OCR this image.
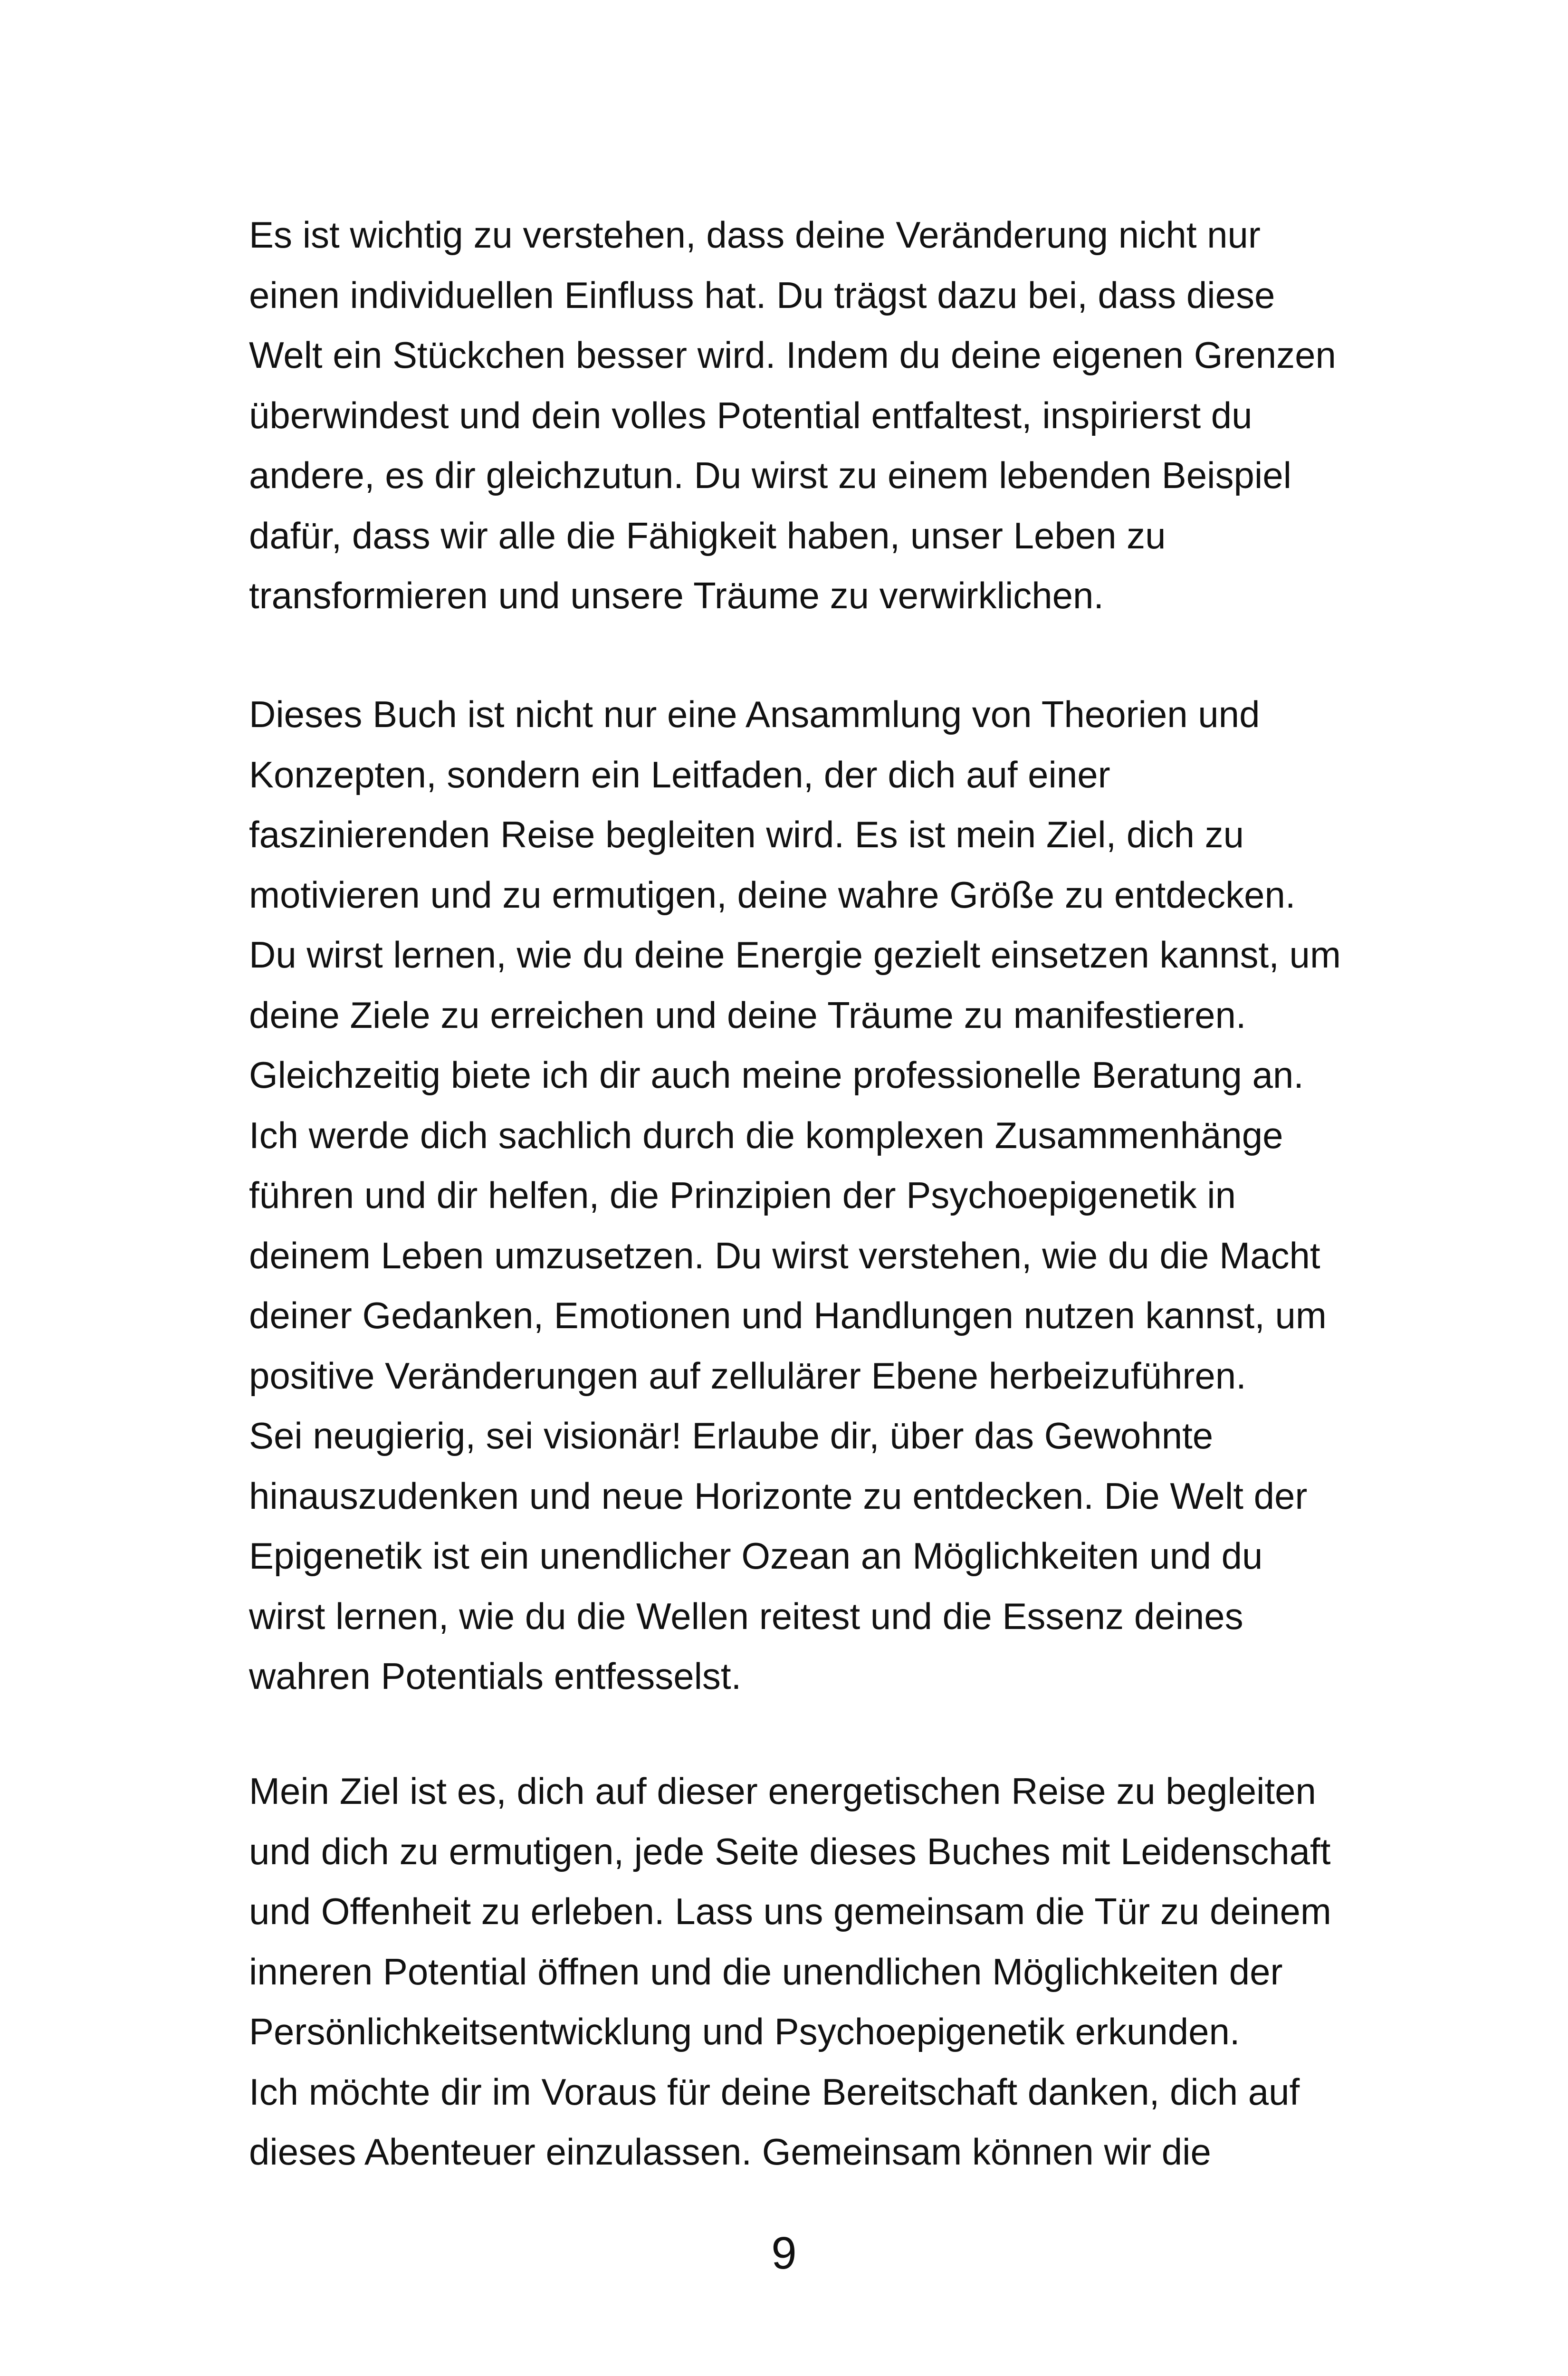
Es ist wichtig zu verstehen, dass deine Veränderung nicht nur
einen individuellen Einfluss hat. Du trägst dazu bei, dass diese
Welt ein Stückchen besser wird. Indem du deine eigenen Grenzen
überwindest und dein volles Potential entfaltest, inspirierst du
andere, es dir gleichzutun. Du wirst zu einem lebenden Beispiel
dafür, dass wir alle die Fähigkeit haben, unser Leben zu
transformieren und unsere Träume zu verwirklichen.
Dieses Buch ist nicht nur eine Ansammlung von Theorien und
Konzepten, sondern ein Leitfaden, der dich auf einer
faszinierenden Reise begleiten wird. Es ist mein Ziel, dich zu
motivieren und zu ermutigen, deine wahre Größe zu entdecken.
Du wirst lernen, wie du deine Energie gezielt einsetzen kannst, um
deine Ziele zu erreichen und deine Träume zu manifestieren.
Gleichzeitig biete ich dir auch meine professionelle Beratung an.
Ich werde dich sachlich durch die komplexen Zusammenhänge
führen und dir helfen, die Prinzipien der Psychoepigenetik in
deinem Leben umzusetzen. Du wirst verstehen, wie du die Macht
deiner Gedanken, Emotionen und Handlungen nutzen kannst, um
positive Veränderungen auf zellulärer Ebene herbeizuführen.
Sei neugierig, sei visionär! Erlaube dir, über das Gewohnte
hinauszudenken und neue Horizonte zu entdecken. Die Welt der
Epigenetik ist ein unendlicher Ozean an Möglichkeiten und du
wirst lernen, wie du die Wellen reitest und die Essenz deines
wahren Potentials entfesselst.
Mein Ziel ist es, dich auf dieser energetischen Reise zu begleiten
und dich zu ermutigen, jede Seite dieses Buches mit Leidenschaft
und Offenheit zu erleben. Lass uns gemeinsam die Tür zu deinem
inneren Potential öffnen und die unendlichen Möglichkeiten der
Persönlichkeitsentwicklung und Psychoepigenetik erkunden.
Ich möchte dir im Voraus für deine Bereitschaft danken, dich auf
dieses Abenteuer einzulassen. Gemeinsam können wir die
9
